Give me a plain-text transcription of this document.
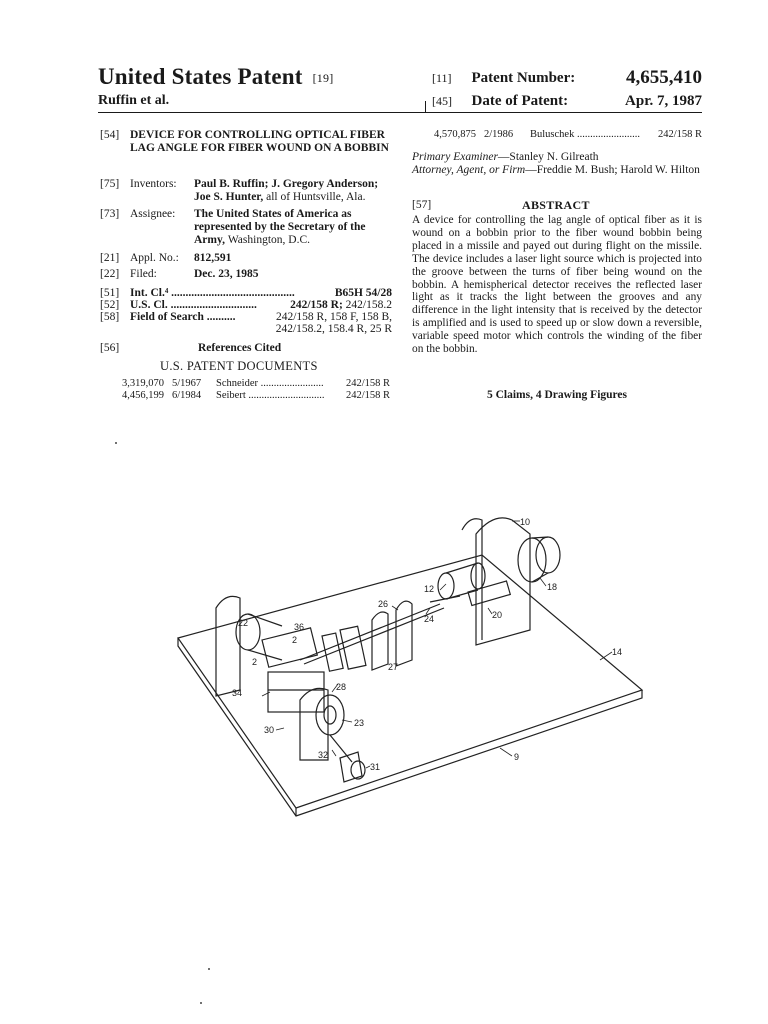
United States Patent [19]
Ruffin et al.
[11] Patent Number:	4,655,410
[45] Date of Patent:	Apr. 7, 1987
[54] DEVICE FOR CONTROLLING OPTICAL FIBER LAG ANGLE FOR FIBER WOUND ON A BOBBIN
[75] Inventors: Paul B. Ruffin; J. Gregory Anderson; Joe S. Hunter, all of Huntsville, Ala.
[73] Assignee: The United States of America as represented by the Secretary of the Army, Washington, D.C.
[21] Appl. No.: 812,591
[22] Filed:	Dec. 23, 1985
[51] Int. Cl.⁴ ...........................................	B65H 54/28
[52] U.S. Cl. ..............................	242/158 R; 242/158.2
[58] Field of Search ..........	242/158 R, 158 F, 158 B,
242/158.2, 158.4 R, 25 R
[56]	References Cited
U.S. PATENT DOCUMENTS
3,319,070 5/1967 Schneider ........................ 242/158 R
4,456,199 6/1984 Seibert ............................. 242/158 R
4,570,875 2/1986 Buluschek ........................ 242/158 R
Primary Examiner—Stanley N. Gilreath
Attorney, Agent, or Firm—Freddie M. Bush; Harold W. Hilton
[57]	ABSTRACT
A device for controlling the lag angle of optical fiber as it is wound on a bobbin prior to the fiber wound bobbin being placed in a missile and payed out during flight on the missile. The device includes a laser light source which is projected into the groove between the turns of fiber being wound on the bobbin. A hemispherical detector receives the reflected laser light as it tracks the light between the grooves and any difference in the light intensity that is received by the detector is amplified and is used to speed up or slow down a reversible, variable speed motor which controls the winding of the fiber on the bobbin.
5 Claims, 4 Drawing Figures
10
18
12
20
26
24
22	36
2
2	27
14
34
28
23
30
32
31
9
